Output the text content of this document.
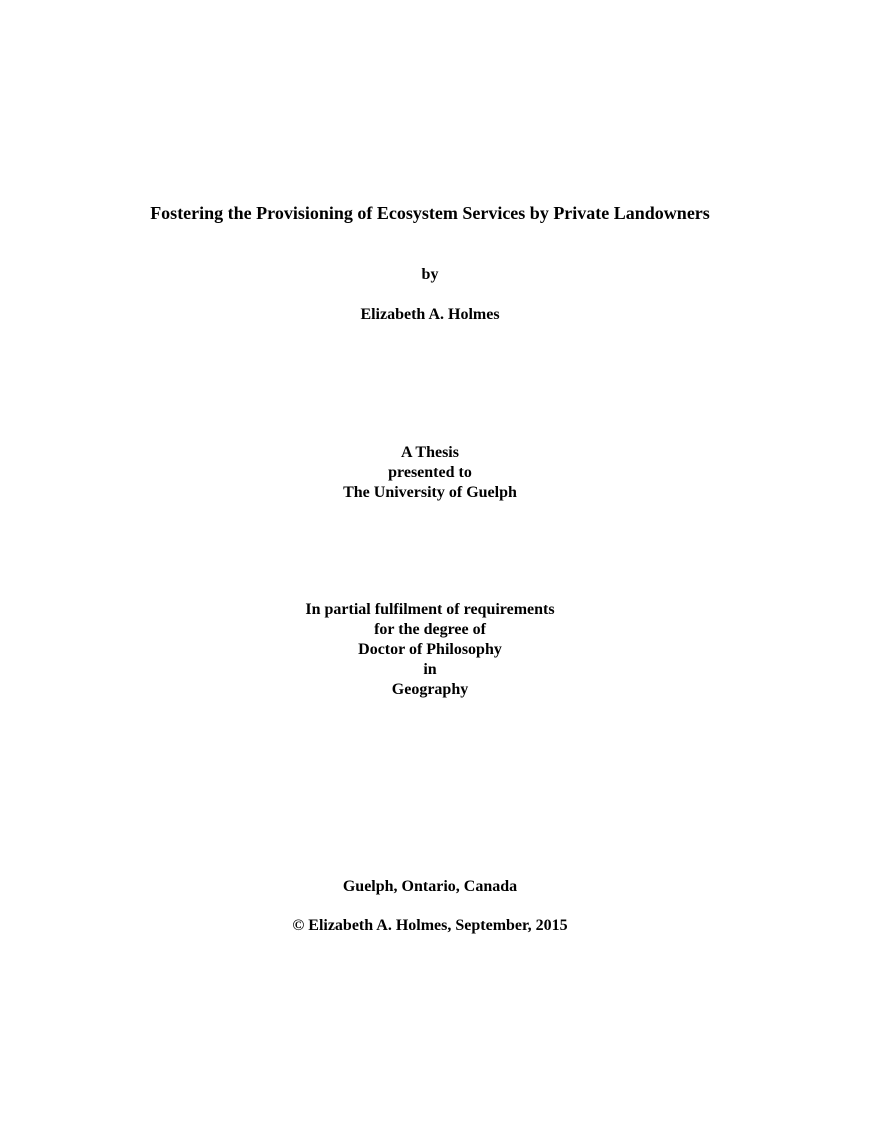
Fostering the Provisioning of Ecosystem Services by Private Landowners
by
Elizabeth A. Holmes
A Thesis
presented to
The University of Guelph
In partial fulfilment of requirements
for the degree of
Doctor of Philosophy
in
Geography
Guelph, Ontario, Canada
© Elizabeth A. Holmes, September, 2015
